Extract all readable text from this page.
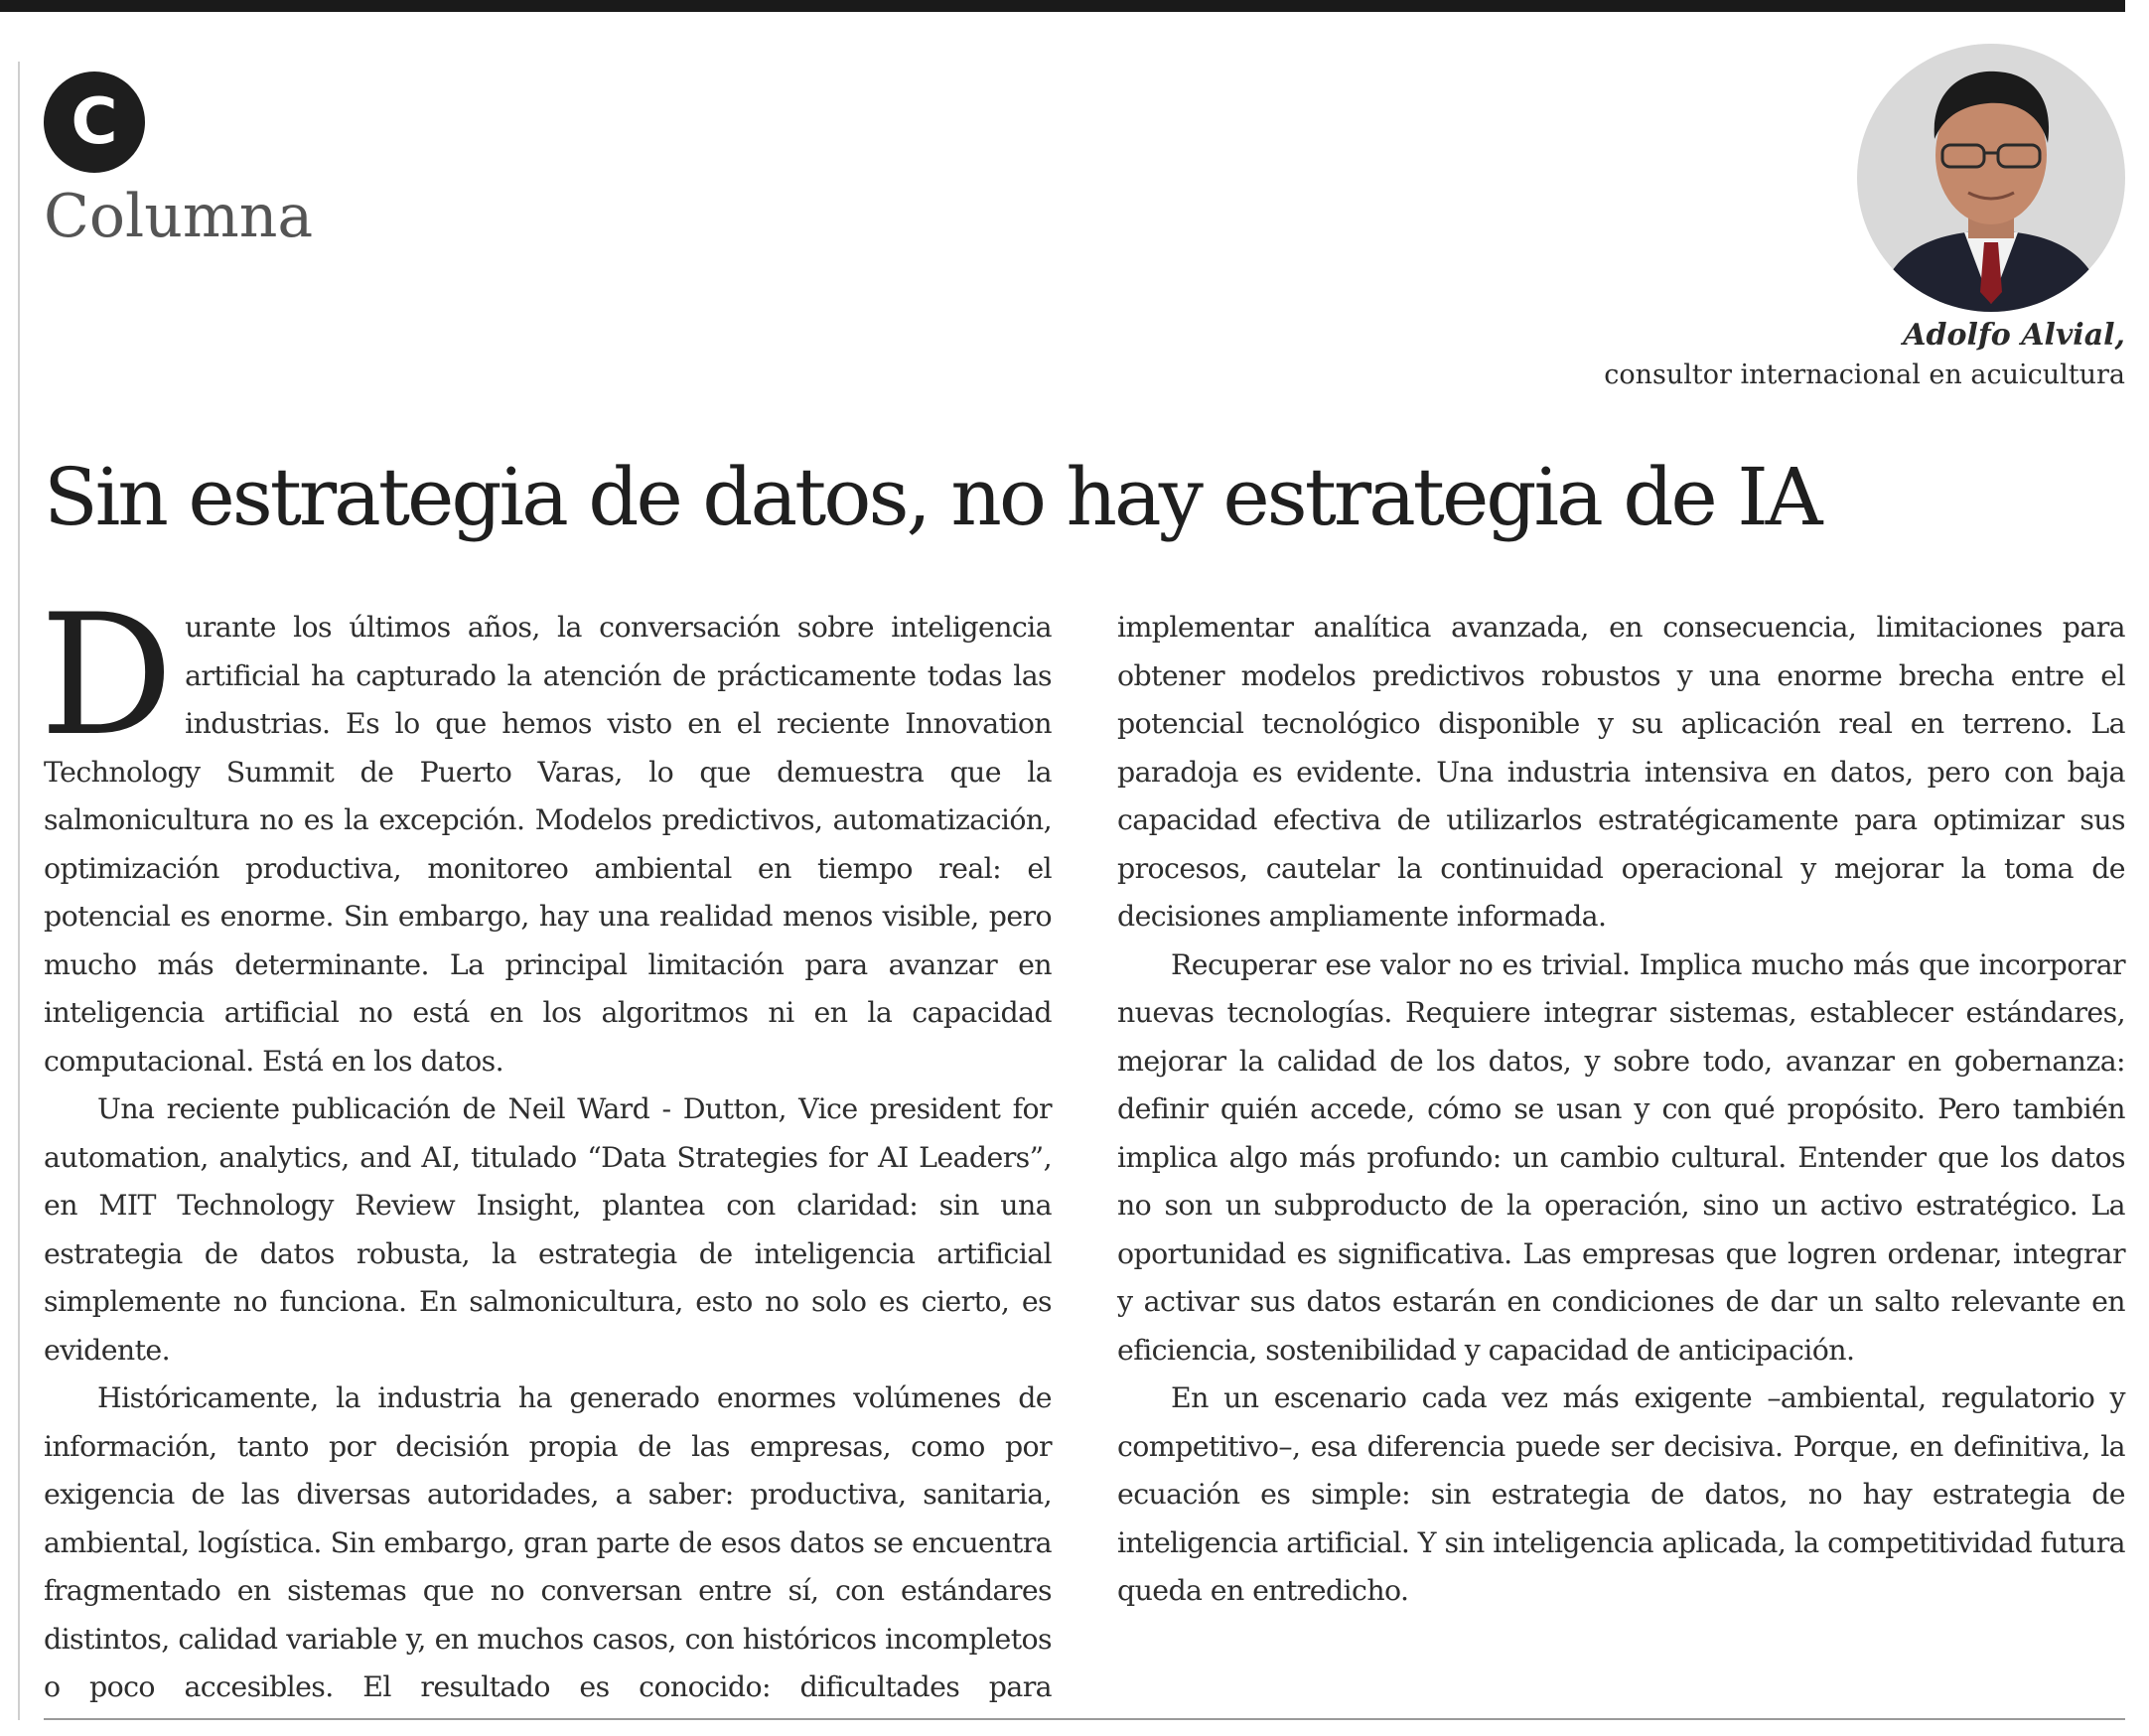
C
Columna
Adolfo Alvial,
consultor internacional en acuicultura
Sin estrategia de datos, no hay estrategia de IA

Durante los últimos años, la conversación sobre inteligencia artificial ha capturado la atención de prácticamente todas las industrias. Es lo que hemos visto en el reciente Innovation Technology Summit de Puerto Varas, lo que demuestra que la salmonicultura no es la excepción. Modelos predictivos, automatización, optimización productiva, monitoreo ambiental en tiempo real: el potencial es enorme. Sin embargo, hay una realidad menos visible, pero mucho más determinante. La principal limitación para avanzar en inteligencia artificial no está en los algoritmos ni en la capacidad computacional. Está en los datos.

Una reciente publicación de Neil Ward - Dutton, Vice president for automation, analytics, and AI, titulado “Data Strategies for AI Leaders”, en MIT Technology Review Insight, plantea con claridad: sin una estrategia de datos robusta, la estrategia de inteligencia artificial simplemente no funciona. En salmonicultura, esto no solo es cierto, es evidente.

Históricamente, la industria ha generado enormes volúmenes de información, tanto por decisión propia de las empresas, como por exigencia de las diversas autoridades, a saber: productiva, sanitaria, ambiental, logística. Sin embargo, gran parte de esos datos se encuentra fragmentado en sistemas que no conversan entre sí, con estándares distintos, calidad variable y, en muchos casos, con históricos incompletos o poco accesibles. El resultado es conocido: dificultades para implementar analítica avanzada, en consecuencia, limitaciones para obtener modelos predictivos robustos y una enorme brecha entre el potencial tecnológico disponible y su aplicación real en terreno. La paradoja es evidente. Una industria intensiva en datos, pero con baja capacidad efectiva de utilizarlos estratégicamente para optimizar sus procesos, cautelar la continuidad operacional y mejorar la toma de decisiones ampliamente informada.

Recuperar ese valor no es trivial. Implica mucho más que incorporar nuevas tecnologías. Requiere integrar sistemas, establecer estándares, mejorar la calidad de los datos, y sobre todo, avanzar en gobernanza: definir quién accede, cómo se usan y con qué propósito. Pero también implica algo más profundo: un cambio cultural. Entender que los datos no son un subproducto de la operación, sino un activo estratégico. La oportunidad es significativa. Las empresas que logren ordenar, integrar y activar sus datos estarán en condiciones de dar un salto relevante en eficiencia, sostenibilidad y capacidad de anticipación.

En un escenario cada vez más exigente –ambiental, regulatorio y competitivo–, esa diferencia puede ser decisiva. Porque, en definitiva, la ecuación es simple: sin estrategia de datos, no hay estrategia de inteligencia artificial. Y sin inteligencia aplicada, la competitividad futura queda en entredicho.
